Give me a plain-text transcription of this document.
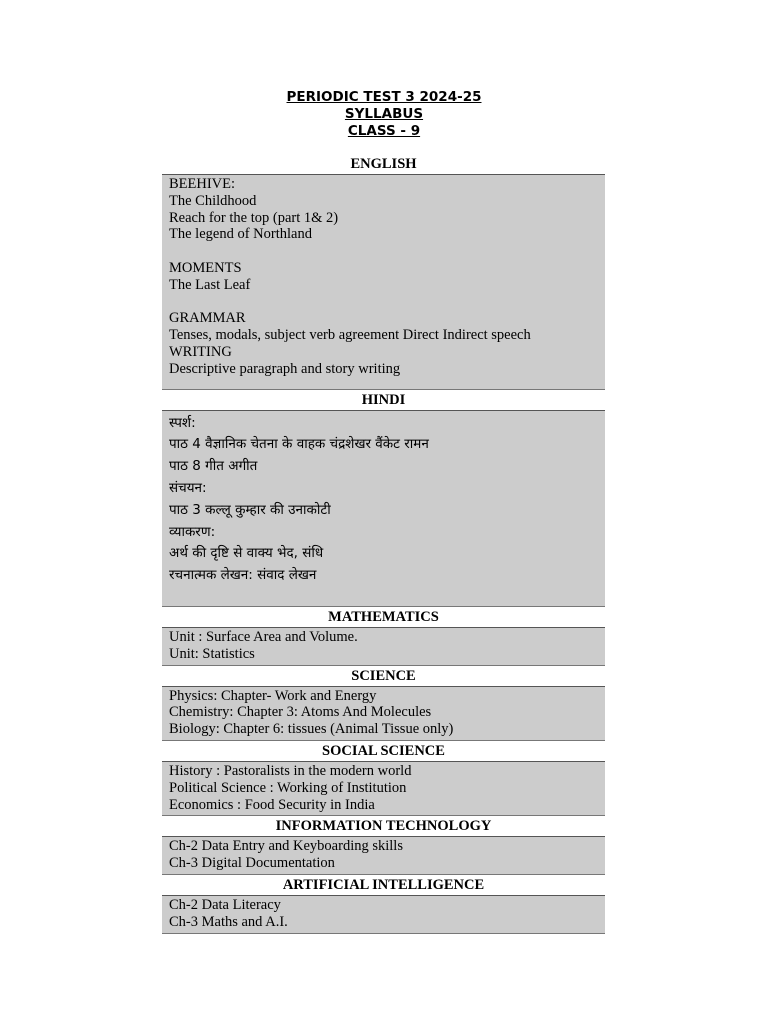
PERIODIC TEST 3 2024-25
SYLLABUS
CLASS - 9
ENGLISH
BEEHIVE:
The Childhood
Reach for the top (part 1& 2)
The legend of Northland
MOMENTS
The Last Leaf
GRAMMAR
Tenses, modals, subject verb agreement Direct Indirect speech
WRITING
Descriptive paragraph and story writing
HINDI
स्पर्श:
पाठ 4 वैज्ञानिक चेतना के वाहक चंद्रशेखर वैंकेट रामन
पाठ 8 गीत अगीत
संचयन:
पाठ 3 कल्लू कुम्हार की उनाकोटी
व्याकरण:
अर्थ की दृष्टि से वाक्य भेद, संधि
रचनात्मक लेखन: संवाद लेखन
MATHEMATICS
Unit : Surface Area and Volume.
Unit: Statistics
SCIENCE
Physics: Chapter- Work and Energy
Chemistry: Chapter 3: Atoms And Molecules
Biology: Chapter 6: tissues (Animal Tissue only)
SOCIAL SCIENCE
History : Pastoralists in the modern world
Political Science : Working of Institution
Economics : Food Security in India
INFORMATION TECHNOLOGY
Ch-2 Data Entry and Keyboarding skills
Ch-3 Digital Documentation
ARTIFICIAL INTELLIGENCE
Ch-2 Data Literacy
Ch-3 Maths and A.I.
